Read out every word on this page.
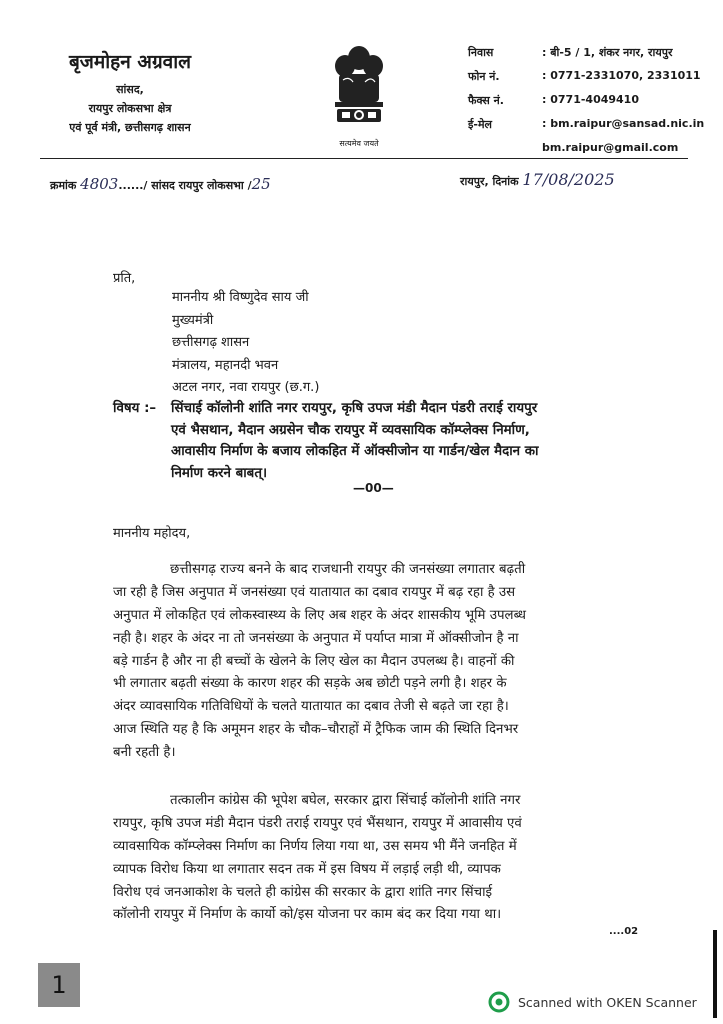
बृजमोहन अग्रवाल
सांसद,
रायपुर लोकसभा क्षेत्र
एवं पूर्व मंत्री, छत्तीसगढ़ शासन
सत्यमेव जयते
निवास	: बी-5 / 1, शंकर नगर, रायपुर
फोन नं.	: 0771-2331070, 2331011
फैक्स नं.	: 0771-4049410
ई-मेल	: bm.raipur@sansad.nic.in
bm.raipur@gmail.com
क्रमांक 4803....../ सांसद रायपुर लोकसभा /25	रायपुर, दिनांक 17/08/2025
प्रति,
माननीय श्री विष्णुदेव साय जी
मुख्यमंत्री
छत्तीसगढ़ शासन
मंत्रालय, महानदी भवन
अटल नगर, नवा रायपुर (छ.ग.)
विषय :–	सिंचाई कॉलोनी शांति नगर रायपुर, कृषि उपज मंडी मैदान पंडरी तराई रायपुर
एवं भैसथान, मैदान अग्रसेन चौक रायपुर में व्यवसायिक कॉम्प्लेक्स निर्माण,
आवासीय निर्माण के बजाय लोकहित में ऑक्सीजोन या गार्डन/खेल मैदान का
निर्माण करने बाबत्।
—00—
माननीय महोदय,
छत्तीसगढ़ राज्य बनने के बाद राजधानी रायपुर की जनसंख्या लगातार बढ़ती
जा रही है जिस अनुपात में जनसंख्या एवं यातायात का दबाव रायपुर में बढ़ रहा है उस
अनुपात में लोकहित एवं लोकस्वास्थ्य के लिए अब शहर के अंदर शासकीय भूमि उपलब्ध
नही है। शहर के अंदर ना तो जनसंख्या के अनुपात में पर्याप्त मात्रा में ऑक्सीजोन है ना
बड़े गार्डन है और ना ही बच्चों के खेलने के लिए खेल का मैदान उपलब्ध है। वाहनों की
भी लगातार बढ़ती संख्या के कारण शहर की सड़के अब छोटी पड़ने लगी है। शहर के
अंदर व्यावसायिक गतिविधियों के चलते यातायात का दबाव तेजी से बढ़ते जा रहा है।
आज स्थिति यह है कि अमूमन शहर के चौक–चौराहों में ट्रैफिक जाम की स्थिति दिनभर
बनी रहती है।
तत्कालीन कांग्रेस की भूपेश बघेल, सरकार द्वारा सिंचाई कॉलोनी शांति नगर
रायपुर, कृषि उपज मंडी मैदान पंडरी तराई रायपुर एवं भैंसथान, रायपुर में आवासीय एवं
व्यावसायिक कॉम्प्लेक्स निर्माण का निर्णय लिया गया था, उस समय भी मैंने जनहित में
व्यापक विरोध किया था लगातार सदन तक में इस विषय में लड़ाई लड़ी थी, व्यापक
विरोध एवं जनआकोश के चलते ही कांग्रेस की सरकार के द्वारा शांति नगर सिंचाई
कॉलोनी रायपुर में निर्माण के कार्यो को/इस योजना पर काम बंद कर दिया गया था।
....02
1
Scanned with OKEN Scanner
